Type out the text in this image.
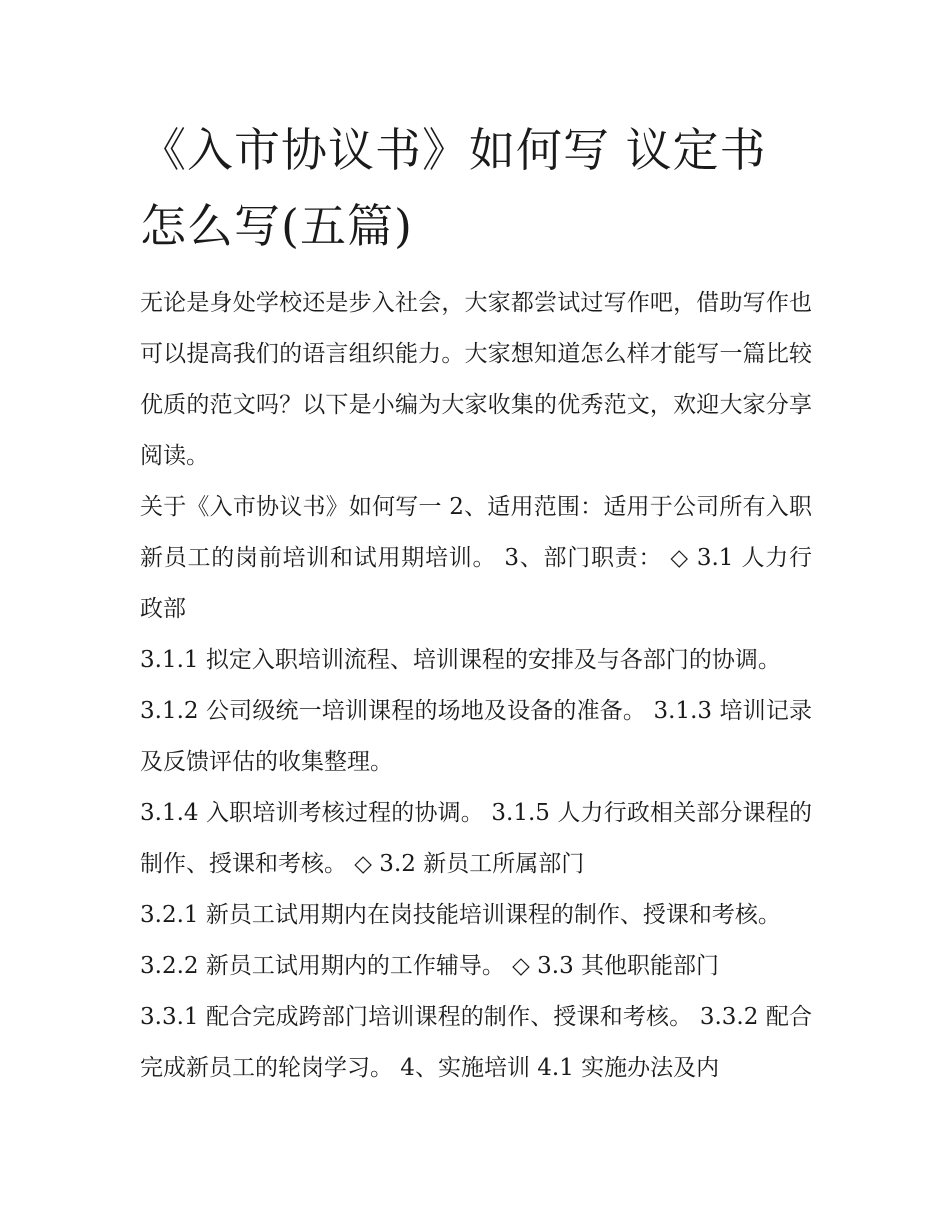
《入市协议书》如何写 议定书怎么写(五篇)

无论是身处学校还是步入社会，大家都尝试过写作吧，借助写作也可以提高我们的语言组织能力。大家想知道怎么样才能写一篇比较优质的范文吗？以下是小编为大家收集的优秀范文，欢迎大家分享阅读。

关于《入市协议书》如何写一 2、适用范围：适用于公司所有入职新员工的岗前培训和试用期培训。 3、部门职责： ◇ 3.1 人力行政部

3.1.1 拟定入职培训流程、培训课程的安排及与各部门的协调。

3.1.2 公司级统一培训课程的场地及设备的准备。 3.1.3 培训记录及反馈评估的收集整理。

3.1.4 入职培训考核过程的协调。 3.1.5 人力行政相关部分课程的制作、授课和考核。 ◇ 3.2 新员工所属部门

3.2.1 新员工试用期内在岗技能培训课程的制作、授课和考核。

3.2.2 新员工试用期内的工作辅导。 ◇ 3.3 其他职能部门

3.3.1 配合完成跨部门培训课程的制作、授课和考核。 3.3.2 配合完成新员工的轮岗学习。 4、实施培训 4.1 实施办法及内
